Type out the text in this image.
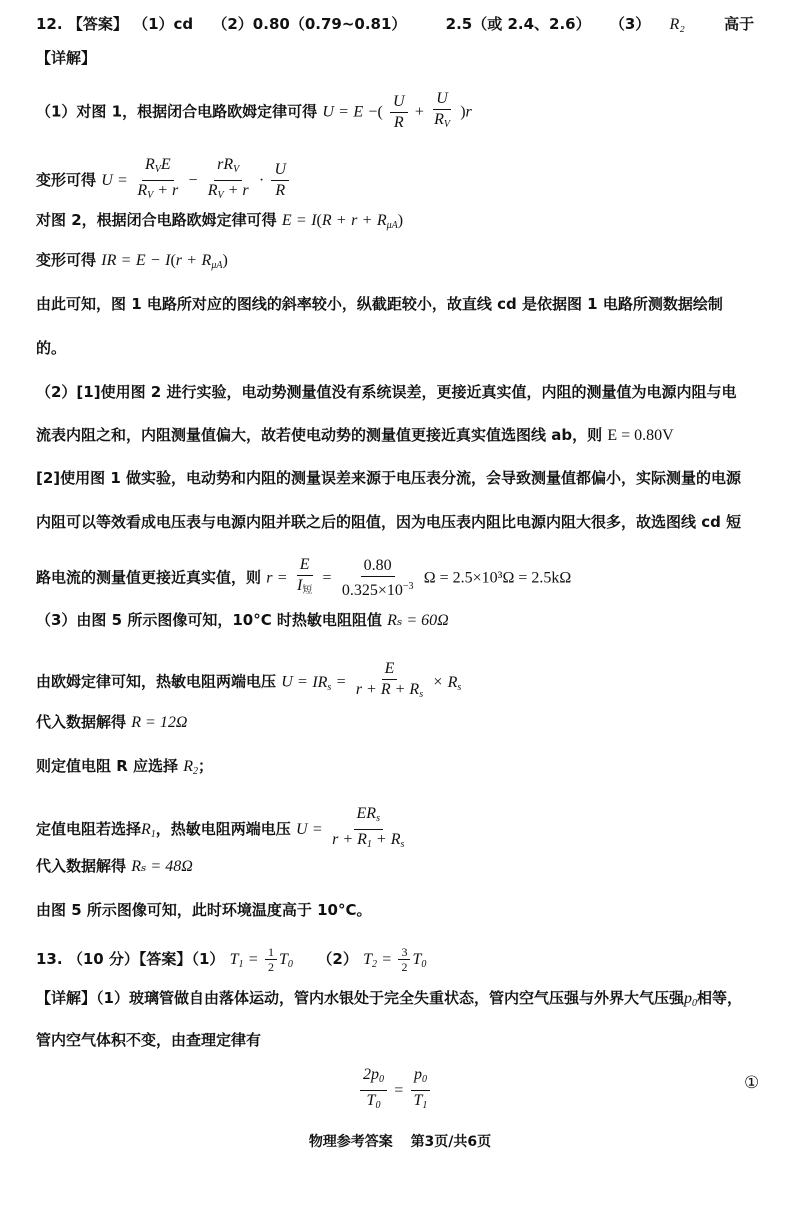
12. 【答案】 （1）cd （2）0.80（0.79~0.81）	2.5（或 2.4、2.6） （3） R₂	高于
【详解】
（1）对图 1，根据闭合电路欧姆定律可得 U = E −( $\frac{U}{R} + \frac{U}{R_V} )r$
变形可得 $U = \frac{R_VE}{R_V + r} - \frac{rR_V}{R_V + r} \cdot \frac{U}{R}$
对图 2，根据闭合电路欧姆定律可得 $E = I(R + r + R_{\mu A})$
变形可得 IR = $E - I(r + R_{\mu A})$
由此可知，图 1 电路所对应的图线的斜率较小，纵截距较小，故直线 cd 是依据图 1 电路所测数据绘制
的。
（2）[1]使用图 2 进行实验，电动势测量值没有系统误差，更接近真实值，内阻的测量值为电源内阻与电
流表内阻之和，内阻测量值偏大，故若使电动势的测量值更接近真实值选图线 ab，则 E = 0.80V
[2]使用图 1 做实验，电动势和内阻的测量误差来源于电压表分流，会导致测量值都偏小，实际测量的电源
内阻可以等效看成电压表与电源内阻并联之后的阻值，因为电压表内阻比电源内阻大很多，故选图线 cd 短
路电流的测量值更接近真实值，则 $r = \frac{E}{I_短} = \frac{0.80}{0.325\times 10^{-3}}$ Ω = 2.5×10³Ω = 2.5kΩ
（3）由图 5 所示图像可知，10°C 时热敏电阻阻值 Rₛ = 60Ω
由欧姆定律可知，热敏电阻两端电压 $U = IR_s = \frac{E}{r + R + R_s} \times R_s$
代入数据解得 R = 12Ω
则定值电阻 R 应选择 $R_2$；
定值电阻若选择$R_1$，热敏电阻两端电压 $U = \frac{ER_s}{r + R_1 + R_s}$
代入数据解得 Rₛ = 48Ω
由图 5 所示图像可知，此时环境温度高于 10°C。
13. （10 分）【答案】（1） $T_1 = \frac{1}{2} T_0$ （2） $T_2 = \frac{3}{2} T_0$
【详解】（1）玻璃管做自由落体运动，管内水银处于完全失重状态，管内空气压强与外界大气压强$p_0$相等，
管内空气体积不变，由查理定律有
$\frac{2p_0}{T_0} = \frac{p_0}{T_1}$	①
物理参考答案 第3页/共6页
